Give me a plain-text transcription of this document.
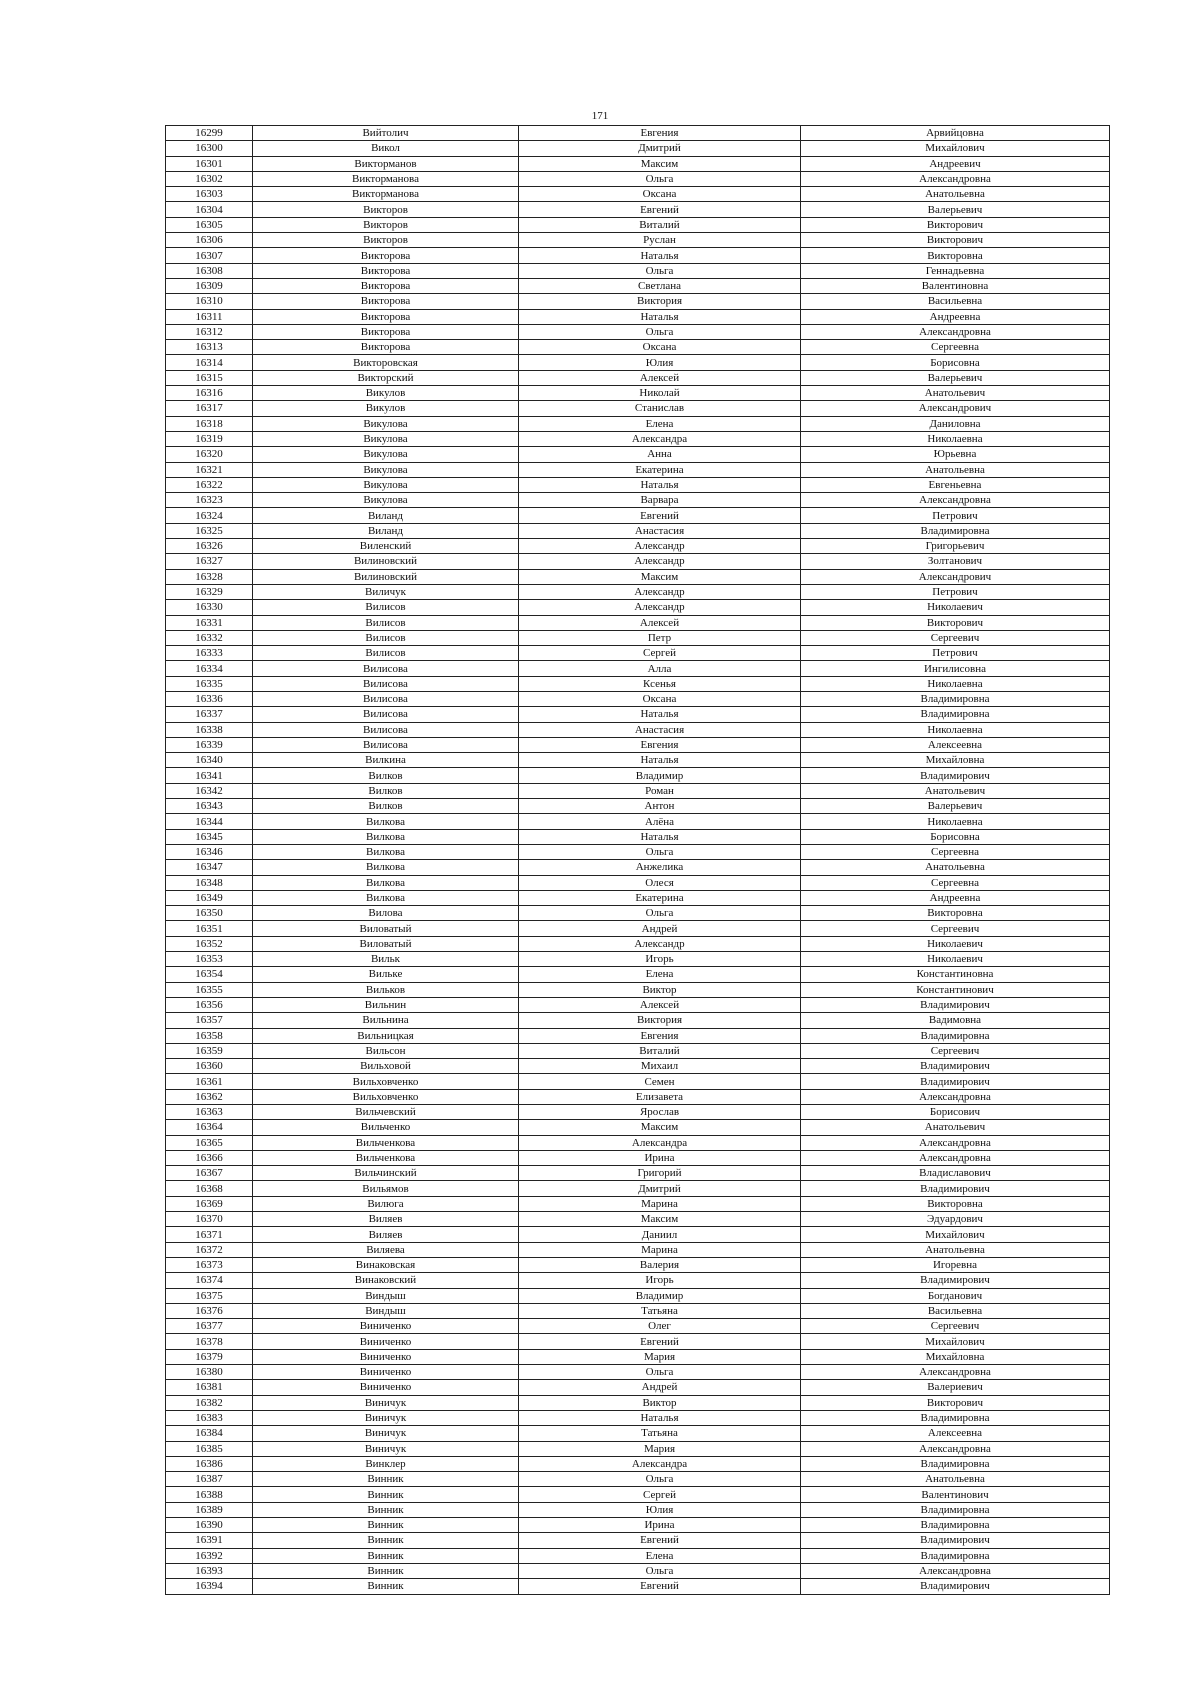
171
16299	Вийтолич	Евгения	Арвийцовна
16300	Викол	Дмитрий	Михайлович
16301	Викторманов	Максим	Андреевич
16302	Викторманова	Ольга	Александровна
16303	Викторманова	Оксана	Анатольевна
16304	Викторов	Евгений	Валерьевич
16305	Викторов	Виталий	Викторович
16306	Викторов	Руслан	Викторович
16307	Викторова	Наталья	Викторовна
16308	Викторова	Ольга	Геннадьевна
16309	Викторова	Светлана	Валентиновна
16310	Викторова	Виктория	Васильевна
16311	Викторова	Наталья	Андреевна
16312	Викторова	Ольга	Александровна
16313	Викторова	Оксана	Сергеевна
16314	Викторовская	Юлия	Борисовна
16315	Викторский	Алексей	Валерьевич
16316	Викулов	Николай	Анатольевич
16317	Викулов	Станислав	Александрович
16318	Викулова	Елена	Даниловна
16319	Викулова	Александра	Николаевна
16320	Викулова	Анна	Юрьевна
16321	Викулова	Екатерина	Анатольевна
16322	Викулова	Наталья	Евгеньевна
16323	Викулова	Варвара	Александровна
16324	Виланд	Евгений	Петрович
16325	Виланд	Анастасия	Владимировна
16326	Виленский	Александр	Григорьевич
16327	Вилиновский	Александр	Золтанович
16328	Вилиновский	Максим	Александрович
16329	Виличук	Александр	Петрович
16330	Вилисов	Александр	Николаевич
16331	Вилисов	Алексей	Викторович
16332	Вилисов	Петр	Сергеевич
16333	Вилисов	Сергей	Петрович
16334	Вилисова	Алла	Ингилисовна
16335	Вилисова	Ксенья	Николаевна
16336	Вилисова	Оксана	Владимировна
16337	Вилисова	Наталья	Владимировна
16338	Вилисова	Анастасия	Николаевна
16339	Вилисова	Евгения	Алексеевна
16340	Вилкина	Наталья	Михайловна
16341	Вилков	Владимир	Владимирович
16342	Вилков	Роман	Анатольевич
16343	Вилков	Антон	Валерьевич
16344	Вилкова	Алёна	Николаевна
16345	Вилкова	Наталья	Борисовна
16346	Вилкова	Ольга	Сергеевна
16347	Вилкова	Анжелика	Анатольевна
16348	Вилкова	Олеся	Сергеевна
16349	Вилкова	Екатерина	Андреевна
16350	Вилова	Ольга	Викторовна
16351	Виловатый	Андрей	Сергеевич
16352	Виловатый	Александр	Николаевич
16353	Вильк	Игорь	Николаевич
16354	Вильке	Елена	Константиновна
16355	Вильков	Виктор	Константинович
16356	Вильнин	Алексей	Владимирович
16357	Вильнина	Виктория	Вадимовна
16358	Вильницкая	Евгения	Владимировна
16359	Вильсон	Виталий	Сергеевич
16360	Вильховой	Михаил	Владимирович
16361	Вильховченко	Семен	Владимирович
16362	Вильховченко	Елизавета	Александровна
16363	Вильчевский	Ярослав	Борисович
16364	Вильченко	Максим	Анатольевич
16365	Вильченкова	Александра	Александровна
16366	Вильченкова	Ирина	Александровна
16367	Вильчинский	Григорий	Владиславович
16368	Вильямов	Дмитрий	Владимирович
16369	Вилюга	Марина	Викторовна
16370	Виляев	Максим	Эдуардович
16371	Виляев	Даниил	Михайлович
16372	Виляева	Марина	Анатольевна
16373	Винаковская	Валерия	Игоревна
16374	Винаковский	Игорь	Владимирович
16375	Виндыш	Владимир	Богданович
16376	Виндыш	Татьяна	Васильевна
16377	Виниченко	Олег	Сергеевич
16378	Виниченко	Евгений	Михайлович
16379	Виниченко	Мария	Михайловна
16380	Виниченко	Ольга	Александровна
16381	Виниченко	Андрей	Валериевич
16382	Виничук	Виктор	Викторович
16383	Виничук	Наталья	Владимировна
16384	Виничук	Татьяна	Алексеевна
16385	Виничук	Мария	Александровна
16386	Винклер	Александра	Владимировна
16387	Винник	Ольга	Анатольевна
16388	Винник	Сергей	Валентинович
16389	Винник	Юлия	Владимировна
16390	Винник	Ирина	Владимировна
16391	Винник	Евгений	Владимирович
16392	Винник	Елена	Владимировна
16393	Винник	Ольга	Александровна
16394	Винник	Евгений	Владимирович
